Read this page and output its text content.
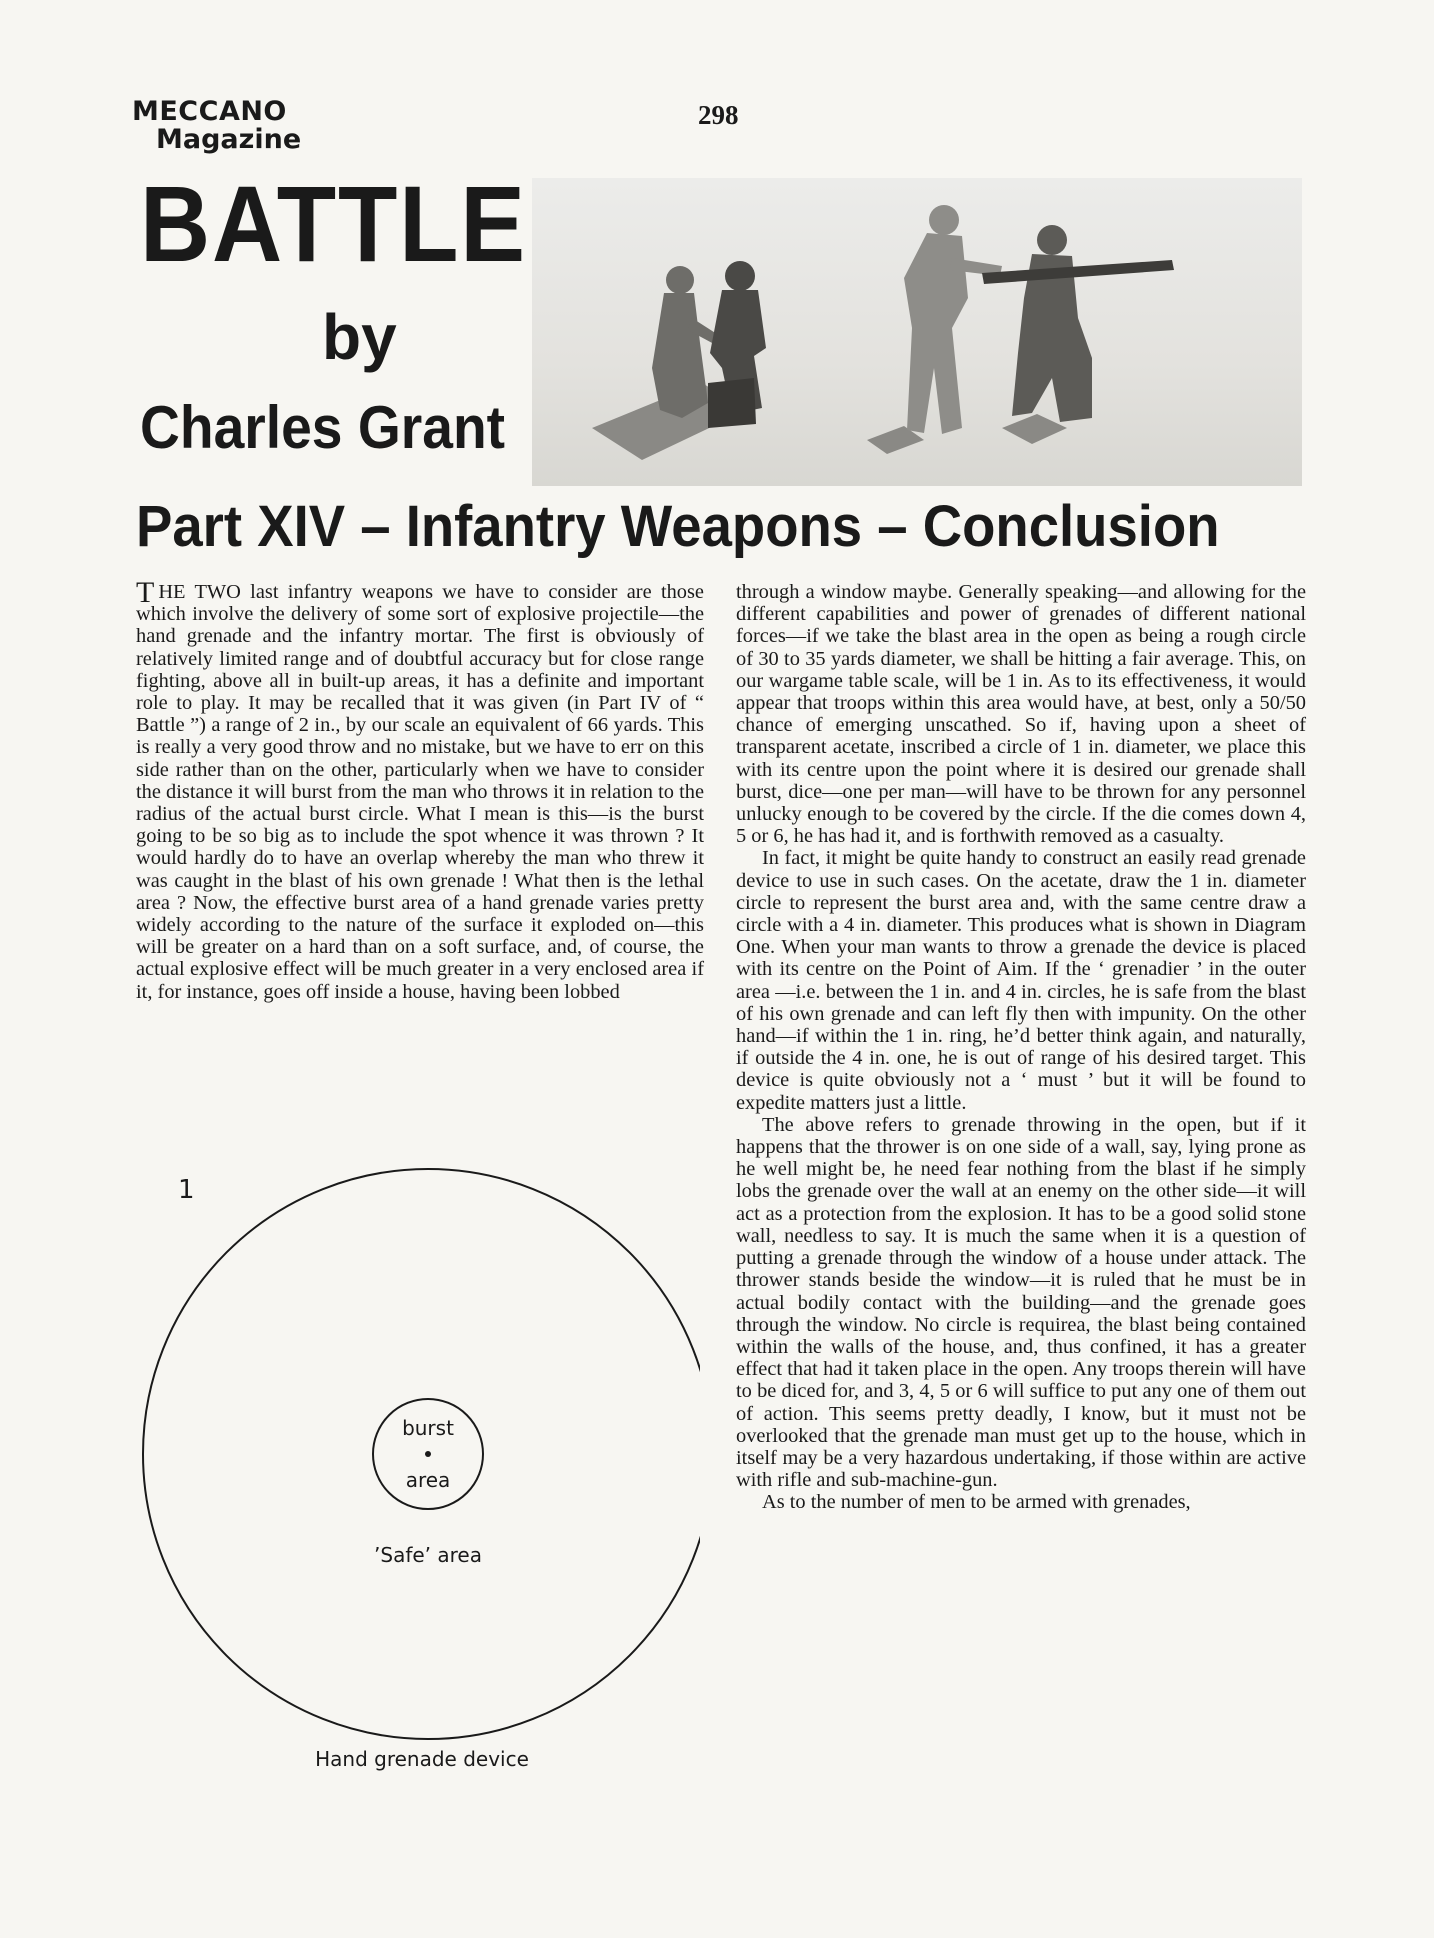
MECCANO
Magazine
298
BATTLE
by
Charles Grant
Part XIV – Infantry Weapons – Conclusion

T HE TWO last infantry weapons we have to consider are those which involve the delivery of some sort of explosive projectile—the hand grenade and the infantry mortar. The first is obviously of relatively limited range and of doubtful accuracy but for close range fighting, above all in built-up areas, it has a definite and important role to play. It may be recalled that it was given (in Part IV of “ Battle ”) a range of 2 in., by our scale an equivalent of 66 yards. This is really a very good throw and no mistake, but we have to err on this side rather than on the other, particularly when we have to consider the distance it will burst from the man who throws it in relation to the radius of the actual burst circle. What I mean is this—is the burst going to be so big as to include the spot whence it was thrown ? It would hardly do to have an overlap whereby the man who threw it was caught in the blast of his own grenade ! What then is the lethal area ? Now, the effective burst area of a hand grenade varies pretty widely according to the nature of the surface it exploded on—this will be greater on a hard than on a soft surface, and, of course, the actual explosive effect will be much greater in a very enclosed area if it, for instance, goes off inside a house, having been lobbed

through a window maybe. Generally speaking—and allowing for the different capabilities and power of grenades of different national forces—if we take the blast area in the open as being a rough circle of 30 to 35 yards diameter, we shall be hitting a fair average. This, on our wargame table scale, will be 1 in. As to its effectiveness, it would appear that troops within this area would have, at best, only a 50/50 chance of emerging unscathed. So if, having upon a sheet of transparent acetate, inscribed a circle of 1 in. diameter, we place this with its centre upon the point where it is desired our grenade shall burst, dice—one per man—will have to be thrown for any personnel unlucky enough to be covered by the circle. If the die comes down 4, 5 or 6, he has had it, and is forthwith removed as a casualty.

In fact, it might be quite handy to construct an easily read grenade device to use in such cases. On the acetate, draw the 1 in. diameter circle to represent the burst area and, with the same centre draw a circle with a 4 in. diameter. This produces what is shown in Diagram One. When your man wants to throw a grenade the device is placed with its centre on the Point of Aim. If the ‘ grenadier ’ in the outer area —i.e. between the 1 in. and 4 in. circles, he is safe from the blast of his own grenade and can left fly then with impunity. On the other hand—if within the 1 in. ring, he’d better think again, and naturally, if outside the 4 in. one, he is out of range of his desired target. This device is quite obviously not a ‘ must ’ but it will be found to expedite matters just a little.

The above refers to grenade throwing in the open, but if it happens that the thrower is on one side of a wall, say, lying prone as he well might be, he need fear nothing from the blast if he simply lobs the grenade over the wall at an enemy on the other side—it will act as a protection from the explosion. It has to be a good solid stone wall, needless to say. It is much the same when it is a question of putting a grenade through the window of a house under attack. The thrower stands beside the window—it is ruled that he must be in actual bodily contact with the building—and the grenade goes through the window. No circle is requirea, the blast being contained within the walls of the house, and, thus confined, it has a greater effect that had it taken place in the open. Any troops therein will have to be diced for, and 3, 4, 5 or 6 will suffice to put any one of them out of action. This seems pretty deadly, I know, but it must not be overlooked that the grenade man must get up to the house, which in itself may be a very hazardous undertaking, if those within are active with rifle and sub-machine-gun.

As to the number of men to be armed with grenades,

1
burst
area
’Safe’ area
Hand grenade device
